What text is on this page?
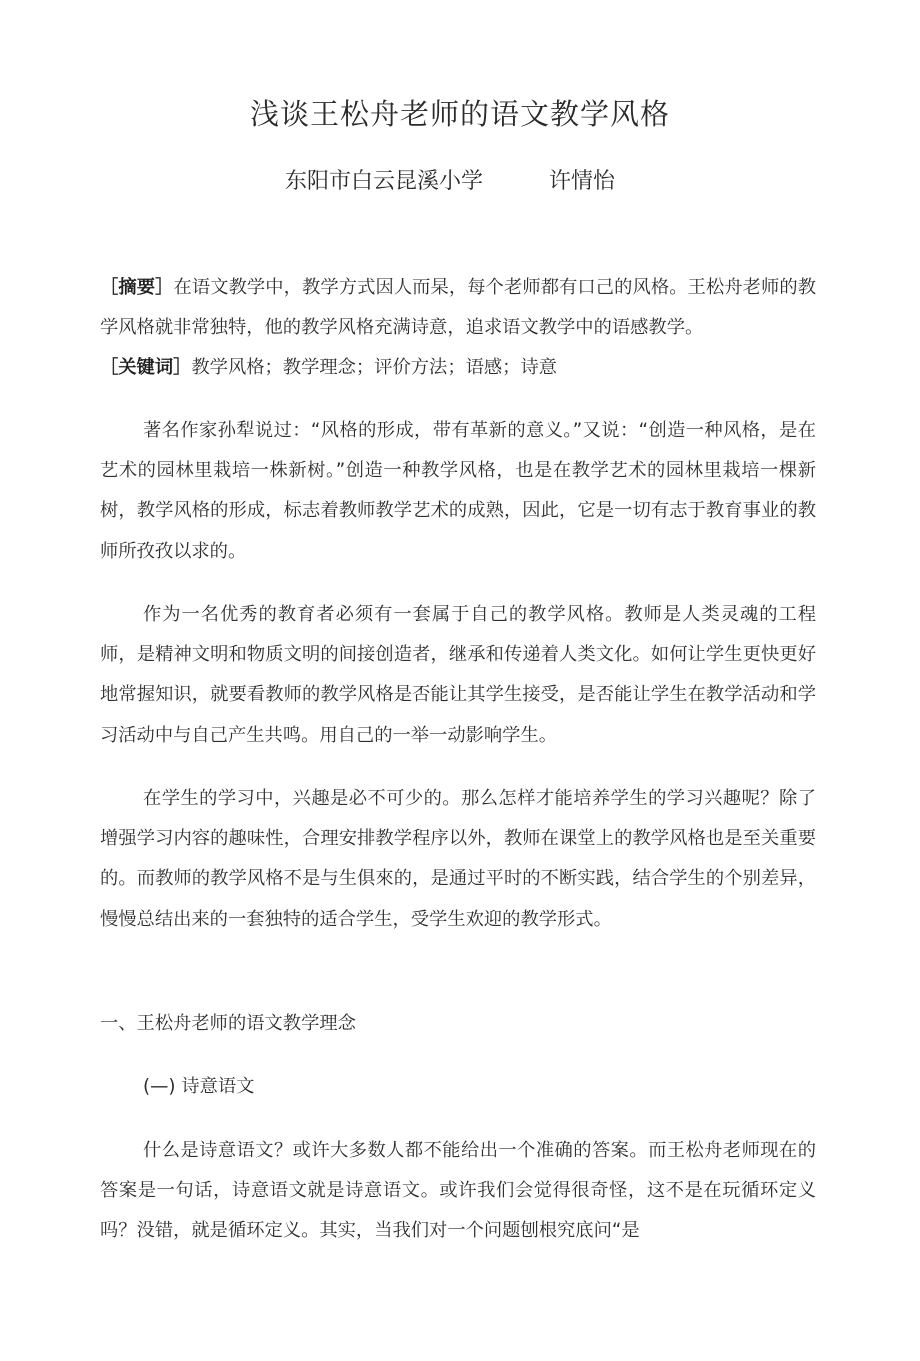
浅谈王松舟老师的语文教学风格
东阳市白云昆溪小学	许情怡
［摘要］在语文教学中，教学方式因人而杲，每个老师都有口己的风格。王松舟老师的教学风格就非常独特，他的教学风格充满诗意，追求语文教学中的语感教学。
［关键词］教学风格；教学理念；评价方法；语感；诗意
著名作家孙犁说过：“风格的形成，带有革新的意义。”又说：“创造一种风格，是在艺术的园林里栽培一株新树。”创造一种教学风格，也是在教学艺术的园林里栽培一棵新树，教学风格的形成，标志着教师教学艺术的成熟，因此，它是一切有志于教育事业的教师所孜孜以求的。
作为一名优秀的教育者必须有一套属于自己的教学风格。教师是人类灵魂的工程师，是精神文明和物质文明的间接创造者，继承和传递着人类文化。如何让学生更快更好地常握知识，就要看教师的教学风格是否能让其学生接受，是否能让学生在教学活动和学习活动中与自己产生共鸣。用自己的一举一动影响学生。
在学生的学习中，兴趣是必不可少的。那么怎样才能培养学生的学习兴趣呢？除了增强学习内容的趣味性，合理安排教学程序以外，教师在课堂上的教学风格也是至关重要的。而教师的教学风格不是与生俱來的，是通过平时的不断实践，结合学生的个别差异，慢慢总结出来的一套独特的适合学生，受学生欢迎的教学形式。
一、王松舟老师的语文教学理念
(—) 诗意语文
什么是诗意语文？或许大多数人都不能给出一个准确的答案。而王松舟老师现在的答案是一句话，诗意语文就是诗意语文。或许我们会觉得很奇怪，这不是在玩循环定义吗？没错，就是循环定义。其实，当我们对一个问题刨根究底问“是
